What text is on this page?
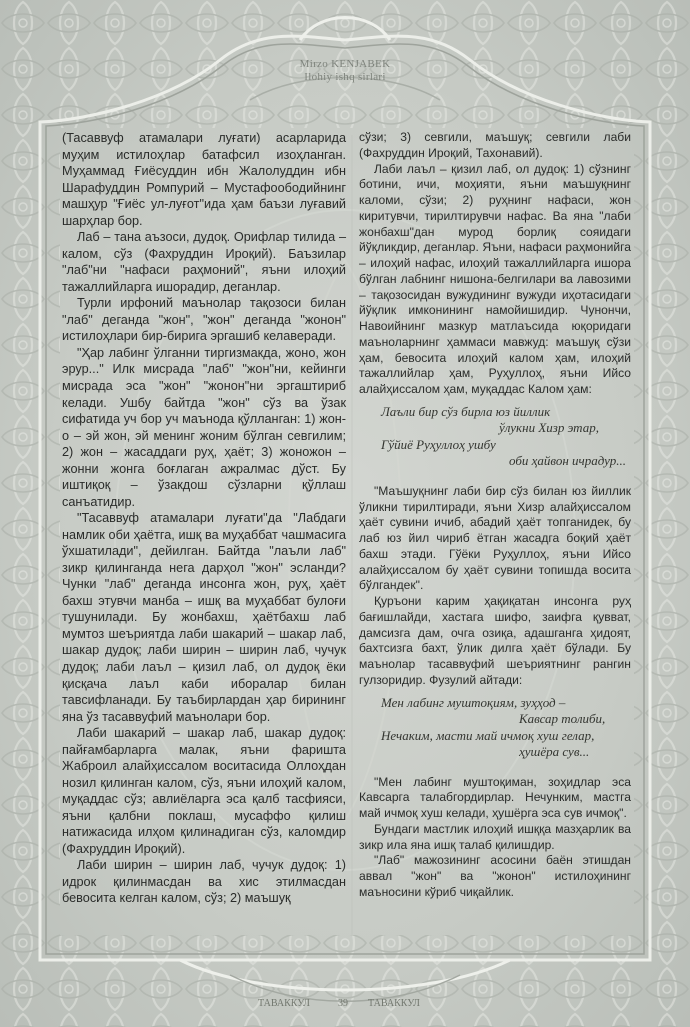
Mirzo KENJABEK
Ilohiy ishq sirlari

(Тасаввуф атамалари луғати) асарларида муҳим истилоҳлар батафсил изоҳланган. Муҳаммад Ғиёсуддин ибн Жалолуддин ибн Шарафуддин Ромпурий – Мустафоободийнинг машҳур "Ғиёс ул-луғот"ида ҳам баъзи луғавий шарҳлар бор.

Лаб – тана аъзоси, дудоқ. Орифлар тилида – калом, сўз (Фахруддин Ироқий). Баъзилар "лаб"ни "нафаси раҳмоний", яъни илоҳий тажаллийларга ишорадир, деганлар.

Турли ирфоний маънолар тақозоси билан "лаб" деганда "жон", "жон" деганда "жонон" истилоҳлари бир-бирига эргашиб келаверади.

"Ҳар лабинг ўлганни тиргизмакда, жоно, жон эрур..." Илк мисрада "лаб" "жон"ни, кейинги мисрада эса "жон" "жонон"ни эргаштириб келади. Ушбу байтда "жон" сўз ва ўзак сифатида уч бор уч маънода қўлланган: 1) жон-о – эй жон, эй менинг жоним бўлган севгилим; 2) жон – жасаддаги руҳ, ҳаёт; 3) жоножон – жонни жонга боғлаган ажралмас дўст. Бу иштиқоқ – ўзакдош сўзларни қўллаш санъатидир.

"Тасаввуф атамалари луғати"да "Лабдаги намлик оби ҳаётга, ишқ ва муҳаббат чашмасига ўхшатилади", дейилган. Байтда "лаъли лаб" зикр қилинганда нега дарҳол "жон" эсланди? Чунки "лаб" деганда инсонга жон, руҳ, ҳаёт бахш этувчи манба – ишқ ва муҳаббат булоғи тушунилади. Бу жонбахш, ҳаётбахш лаб мумтоз шеъриятда лаби шакарий – шакар лаб, шакар дудоқ; лаби ширин – ширин лаб, чучук дудоқ; лаби лаъл – қизил лаб, ол дудоқ ёки қисқача лаъл каби иборалар билан тавсифланади. Бу таъбирлардан ҳар бирининг яна ўз тасаввуфий маънолари бор.

Лаби шакарий – шакар лаб, шакар дудоқ: пайғамбарларга малак, яъни фаришта Жаброил алайҳиссалом воситасида Оллоҳдан нозил қилинган калом, сўз, яъни илоҳий калом, муқаддас сўз; авлиёларга эса қалб тасфияси, яъни қалбни поклаш, мусаффо қилиш натижасида илҳом қилинадиган сўз, каломдир (Фахруддин Ироқий).

Лаби ширин – ширин лаб, чучук дудоқ: 1) идрок қилинмасдан ва хис этилмасдан бевосита келган калом, сўз; 2) маъшуқ

сўзи; 3) севгили, маъшуқ; севгили лаби (Фахруддин Ироқий, Тахонавий).

Лаби лаъл – қизил лаб, ол дудоқ: 1) сўзнинг ботини, ичи, моҳияти, яъни маъшуқнинг каломи, сўзи; 2) руҳнинг нафаси, жон киритувчи, тирилтирувчи нафас. Ва яна "лаби жонбахш"дан мурод борлиқ сояидаги йўқликдир, деганлар. Яъни, нафаси раҳмонийга – илоҳий нафас, илоҳий тажаллийларга ишора бўлган лабнинг нишона-белгилари ва лавозими – тақозосидан вужудининг вужуди иҳотасидаги йўқлик имконининг намойишидир. Чунончи, Навоийнинг мазкур матлаъсида юқоридаги маъноларнинг ҳаммаси мавжуд: маъшуқ сўзи ҳам, бевосита илоҳий калом ҳам, илоҳий тажаллийлар ҳам, Руҳуллоҳ, яъни Ийсо алайҳиссалом ҳам, муқаддас Калом ҳам:

Лаъли бир сўз бирла юз йиллик
ўлукни Хизр этар,
Гўйиё Руҳуллоҳ ушбу
оби ҳайвон ичрадур...

"Маъшуқнинг лаби бир сўз билан юз йиллик ўликни тирилтиради, яъни Хизр алайҳиссалом ҳаёт сувини ичиб, абадий ҳаёт топганидек, бу лаб юз йил чириб ётган жасадга боқий ҳаёт бахш этади. Гўёки Руҳуллоҳ, яъни Ийсо алайҳиссалом бу ҳаёт сувини топишда восита бўлгандек".

Қуръони карим ҳақиқатан инсонга руҳ бағишлайди, хастага шифо, заифга қувват, дамсизга дам, очга озиқа, адашганга ҳидоят, бахтсизга бахт, ўлик дилга ҳаёт бўлади. Бу маънолар тасаввуфий шеъриятнинг рангин гулзоридир. Фузулий айтади:

Мен лабинг муштоқиям, зуҳҳод –
Кавсар толиби,
Нечаким, масти май ичмоқ хуш гелар,
ҳушёра сув...

"Мен лабинг муштоқиман, зоҳидлар эса Кавсарга талабгордирлар. Нечунким, мастга май ичмоқ хуш келади, ҳушёрга эса сув ичмоқ".

Бундаги мастлик илоҳий ишққа мазҳарлик ва зикр ила яна ишқ талаб қилишдир.

"Лаб" мажозининг асосини баён этишдан аввал "жон" ва "жонон" истилоҳининг маъносини кўриб чиқайлик.

ТАВАККУЛ	39 ТАВАККУЛ
